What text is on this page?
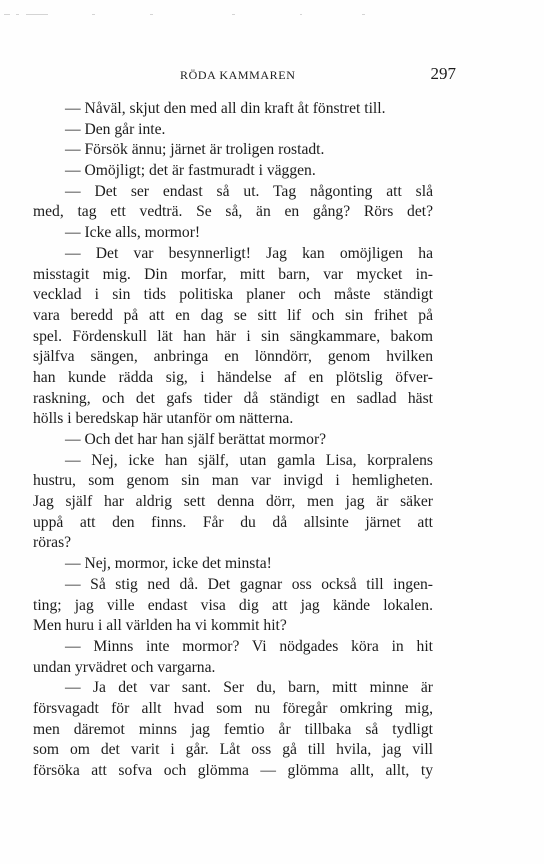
RÖDA KAMMAREN	297
— Nåväl, skjut den med all din kraft åt fönstret till.
— Den går inte.
— Försök ännu; järnet är troligen rostadt.
— Omöjligt; det är fastmuradt i väggen.
— Det ser endast så ut. Tag någonting att slå
med, tag ett vedträ. Se så, än en gång? Rörs det?
— Icke alls, mormor!
— Det var besynnerligt! Jag kan omöjligen ha
misstagit mig. Din morfar, mitt barn, var mycket in-
vecklad i sin tids politiska planer och måste ständigt
vara beredd på att en dag se sitt lif och sin frihet på
spel. Fördenskull lät han här i sin sängkammare, bakom
själfva sängen, anbringa en lönndörr, genom hvilken
han kunde rädda sig, i händelse af en plötslig öfver-
raskning, och det gafs tider då ständigt en sadlad häst
hölls i beredskap här utanför om nätterna.
— Och det har han själf berättat mormor?
— Nej, icke han själf, utan gamla Lisa, korpralens
hustru, som genom sin man var invigd i hemligheten.
Jag själf har aldrig sett denna dörr, men jag är säker
uppå att den finns. Får du då allsinte järnet att
röras?
— Nej, mormor, icke det minsta!
— Så stig ned då. Det gagnar oss också till ingen-
ting; jag ville endast visa dig att jag kände lokalen.
Men huru i all världen ha vi kommit hit?
— Minns inte mormor? Vi nödgades köra in hit
undan yrvädret och vargarna.
— Ja det var sant. Ser du, barn, mitt minne är
försvagadt för allt hvad som nu föregår omkring mig,
men däremot minns jag femtio år tillbaka så tydligt
som om det varit i går. Låt oss gå till hvila, jag vill
försöka att sofva och glömma — glömma allt, allt, ty
